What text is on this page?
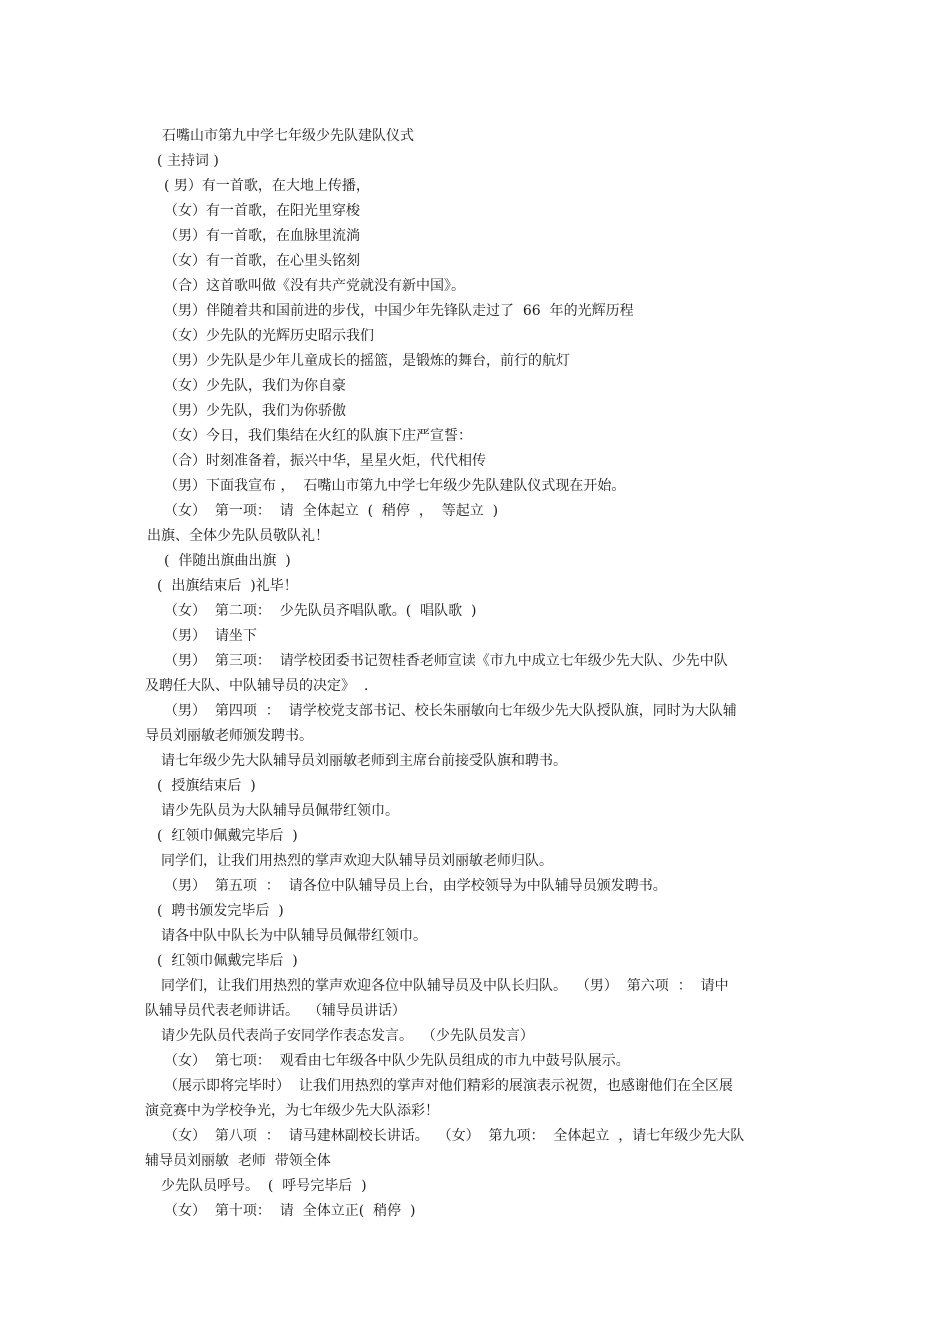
石嘴山市第九中学七年级少先队建队仪式
( 主持词 )
( 男）有一首歌，在大地上传播，
（女）有一首歌，在阳光里穿梭
（男）有一首歌，在血脉里流淌
（女）有一首歌，在心里头铭刻
（合）这首歌叫做《没有共产党就没有新中国》。
（男）伴随着共和国前进的步伐，中国少年先锋队走过了  66  年的光辉历程
（女）少先队的光辉历史昭示我们
（男）少先队是少年儿童成长的摇篮，是锻炼的舞台，前行的航灯
（女）少先队，我们为你自豪
（男）少先队，我们为你骄傲
（女）今日，我们集结在火红的队旗下庄严宣誓：
（合）时刻准备着，振兴中华，星星火炬，代代相传
（男）下面我宣布 ，  石嘴山市第九中学七年级少先队建队仪式现在开始。
（女）  第一项：  请  全体起立  (  稍停  ，  等起立  )
出旗、全体少先队员敬队礼！
(  伴随出旗曲出旗  )
(  出旗结束后  )礼毕！
（女）  第二项：  少先队员齐唱队歌。(  唱队歌  )
（男）  请坐下
（男）  第三项：  请学校团委书记贺桂香老师宣读《市九中成立七年级少先大队、少先中队
及聘任大队、中队辅导员的决定》  .
（男）  第四项  ：  请学校党支部书记、校长朱丽敏向七年级少先大队授队旗，同时为大队辅
导员刘丽敏老师颁发聘书。
请七年级少先大队辅导员刘丽敏老师到主席台前接受队旗和聘书。
(  授旗结束后  )
请少先队员为大队辅导员佩带红领巾。
(  红领巾佩戴完毕后  )
同学们，让我们用热烈的掌声欢迎大队辅导员刘丽敏老师归队。
（男）  第五项  ：  请各位中队辅导员上台，由学校领导为中队辅导员颁发聘书。
(  聘书颁发完毕后  )
请各中队中队长为中队辅导员佩带红领巾。
(  红领巾佩戴完毕后  )
同学们，让我们用热烈的掌声欢迎各位中队辅导员及中队长归队。  （男）  第六项  ：  请中
队辅导员代表老师讲话。  （辅导员讲话）
请少先队员代表尚子安同学作表态发言。  （少先队员发言）
（女）  第七项：  观看由七年级各中队少先队员组成的市九中鼓号队展示。
（展示即将完毕时）  让我们用热烈的掌声对他们精彩的展演表示祝贺，也感谢他们在全区展
演竞赛中为学校争光，为七年级少先大队添彩！
（女）  第八项  ：  请马建林副校长讲话。  （女）  第九项：  全体起立  ，请七年级少先大队
辅导员刘丽敏  老师  带领全体
少先队员呼号。  (  呼号完毕后  )
（女）  第十项：  请  全体立正(  稍停  )
